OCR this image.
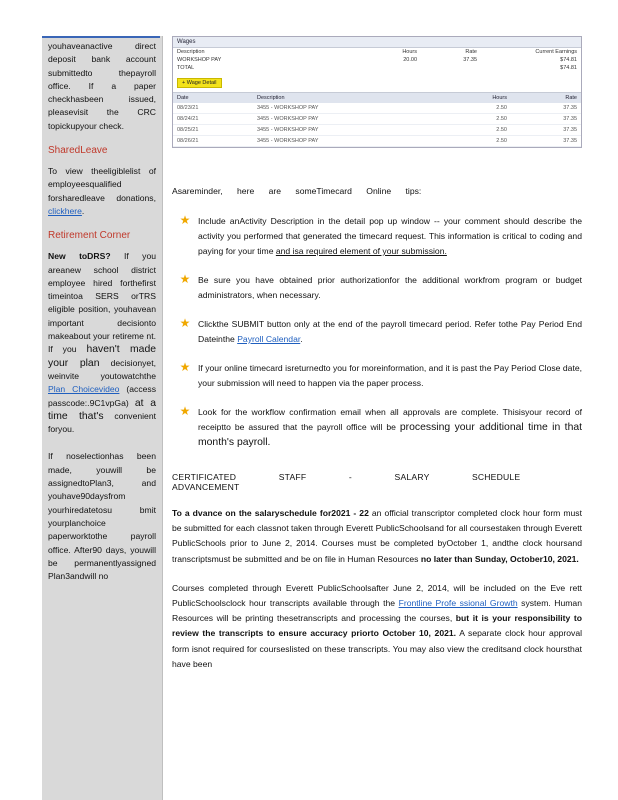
youhaveanactive direct deposit bank account submittedto thepayroll office. If a paper checkhasbeen issued, pleasevisit the CRC topickupyour check.
SharedLeave
To view theeligiblelist of employeesqualified forsharedleave donations, clickhere.
Retirement Corner
New toDRS? If you areanew school district employee hired forthefirst timeintoa SERS orTRS eligible position, youhavean important decisionto makeabout your retireme nt. If you haven't made your plan decisionyet, weinvite youtowatchthe Plan Choicevideo (access passcode:.9C1vpGa) at a time that's convenient foryou.
If noselectionhas been made, youwill be assignedtoPlan3, and youhave90daysfrom yourhiredatetosu bmit yourplanchoice paperworktothe payroll office. After90 days, youwill be permanentlyassigned Plan3andwill no
Wages
Description	Hours	Rate	Current Earnings
WORKSHOP PAY	20.00	37.35	$74.81
TOTAL	$74.81
+ Wage Detail
Date	Description	Hours	Rate
08/23/21	3455 - WORKSHOP PAY	2.50	37.35
08/24/21	3455 - WORKSHOP PAY	2.50	37.35
08/25/21	3455 - WORKSHOP PAY	2.50	37.35
08/26/21	3455 - WORKSHOP PAY	2.50	37.35
Asareminder, here are someTimecard Online tips:
★ Include anActivity Description in the detail pop up window -- your comment should describe the activity you performed that generated the timecard request. This information is critical to coding and paying for your time and isa required element of your submission.
★ Be sure you have obtained prior authorizationfor the additional workfrom program or budget administrators, when necessary.
★ Clickthe SUBMIT button only at the end of the payroll timecard period. Refer tothe Pay Period End Dateinthe Payroll Calendar.
★ If your online timecard isreturnedto you for moreinformation, and it is past the Pay Period Close date, your submission will need to happen via the paper process.
★ Look for the workflow confirmation email when all approvals are complete. Thisisyour record of receiptto be assured that the payroll office will be processing your additional time in that month's payroll.
CERTIFICATED STAFF - SALARY SCHEDULE ADVANCEMENT
To a dvance on the salaryschedule for2021 - 22 an official transcriptor completed clock hour form must be submitted for each classnot taken through Everett PublicSchoolsand for all coursestaken through Everett PublicSchools prior to June 2, 2014. Courses must be completed byOctober 1, andthe clock hoursand transcriptsmust be submitted and be on file in Human Resources no later than Sunday, October10, 2021.
Courses completed through Everett PublicSchoolsafter June 2, 2014, will be included on the Eve rett PublicSchoolsclock hour transcripts available through the Frontline Profe ssional Growth system. Human Resources will be printing thesetranscripts and processing the courses, but it is your responsibility to review the transcripts to ensure accuracy priorto October 10, 2021. A separate clock hour approval form isnot required for courseslisted on these transcripts. You may also view the creditsand clock hoursthat have been
